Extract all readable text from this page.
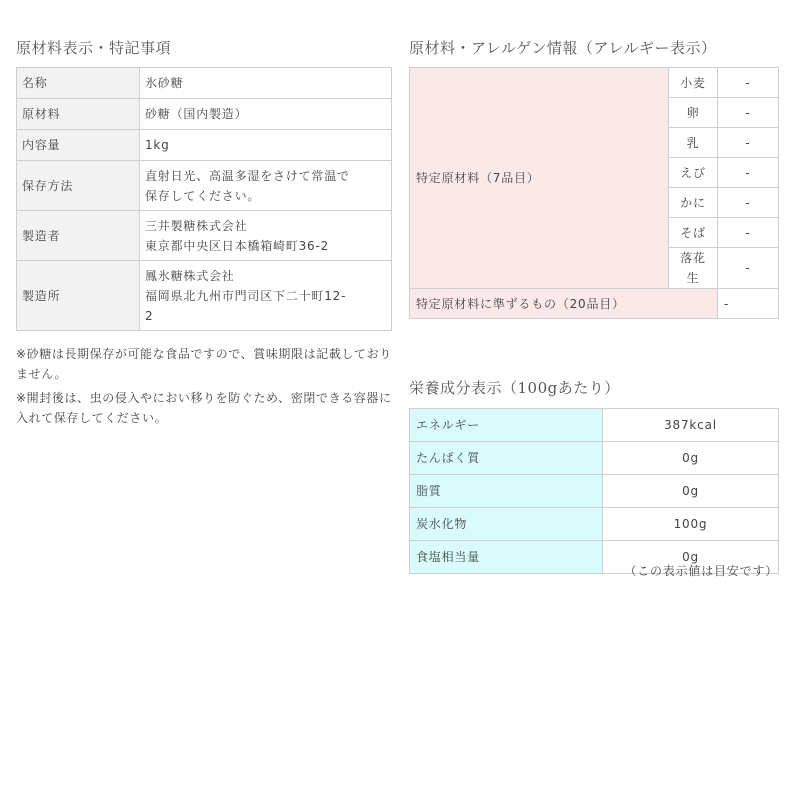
原材料表示・特記事項
名称	氷砂糖
原材料	砂糖（国内製造）
内容量	1kg
保存方法	直射日光、高温多湿をさけて常温で
保存してください。

製造者	三井製糖株式会社
東京都中央区日本橋箱崎町36-2

製造所	鳳氷糖株式会社
福岡県北九州市門司区下二十町12-
2

※砂糖は長期保存が可能な食品ですので、賞味期限は記載しておりません。

※開封後は、虫の侵入やにおい移りを防ぐため、密閉できる容器に入れて保存してください。

原材料・アレルゲン情報（アレルギー表示）
特定原材料（7品目）	小麦	-
	卵	-
	乳	-
	えび	-
	かに	-
	そば	-

	落花
生	-
特定原材料に準ずるもの（20品目）		-
栄養成分表示（100gあたり）
エネルギー	387kcal
たんぱく質	0g
脂質	0g
炭水化物	100g
食塩相当量	0g
（この表示値は目安です）
